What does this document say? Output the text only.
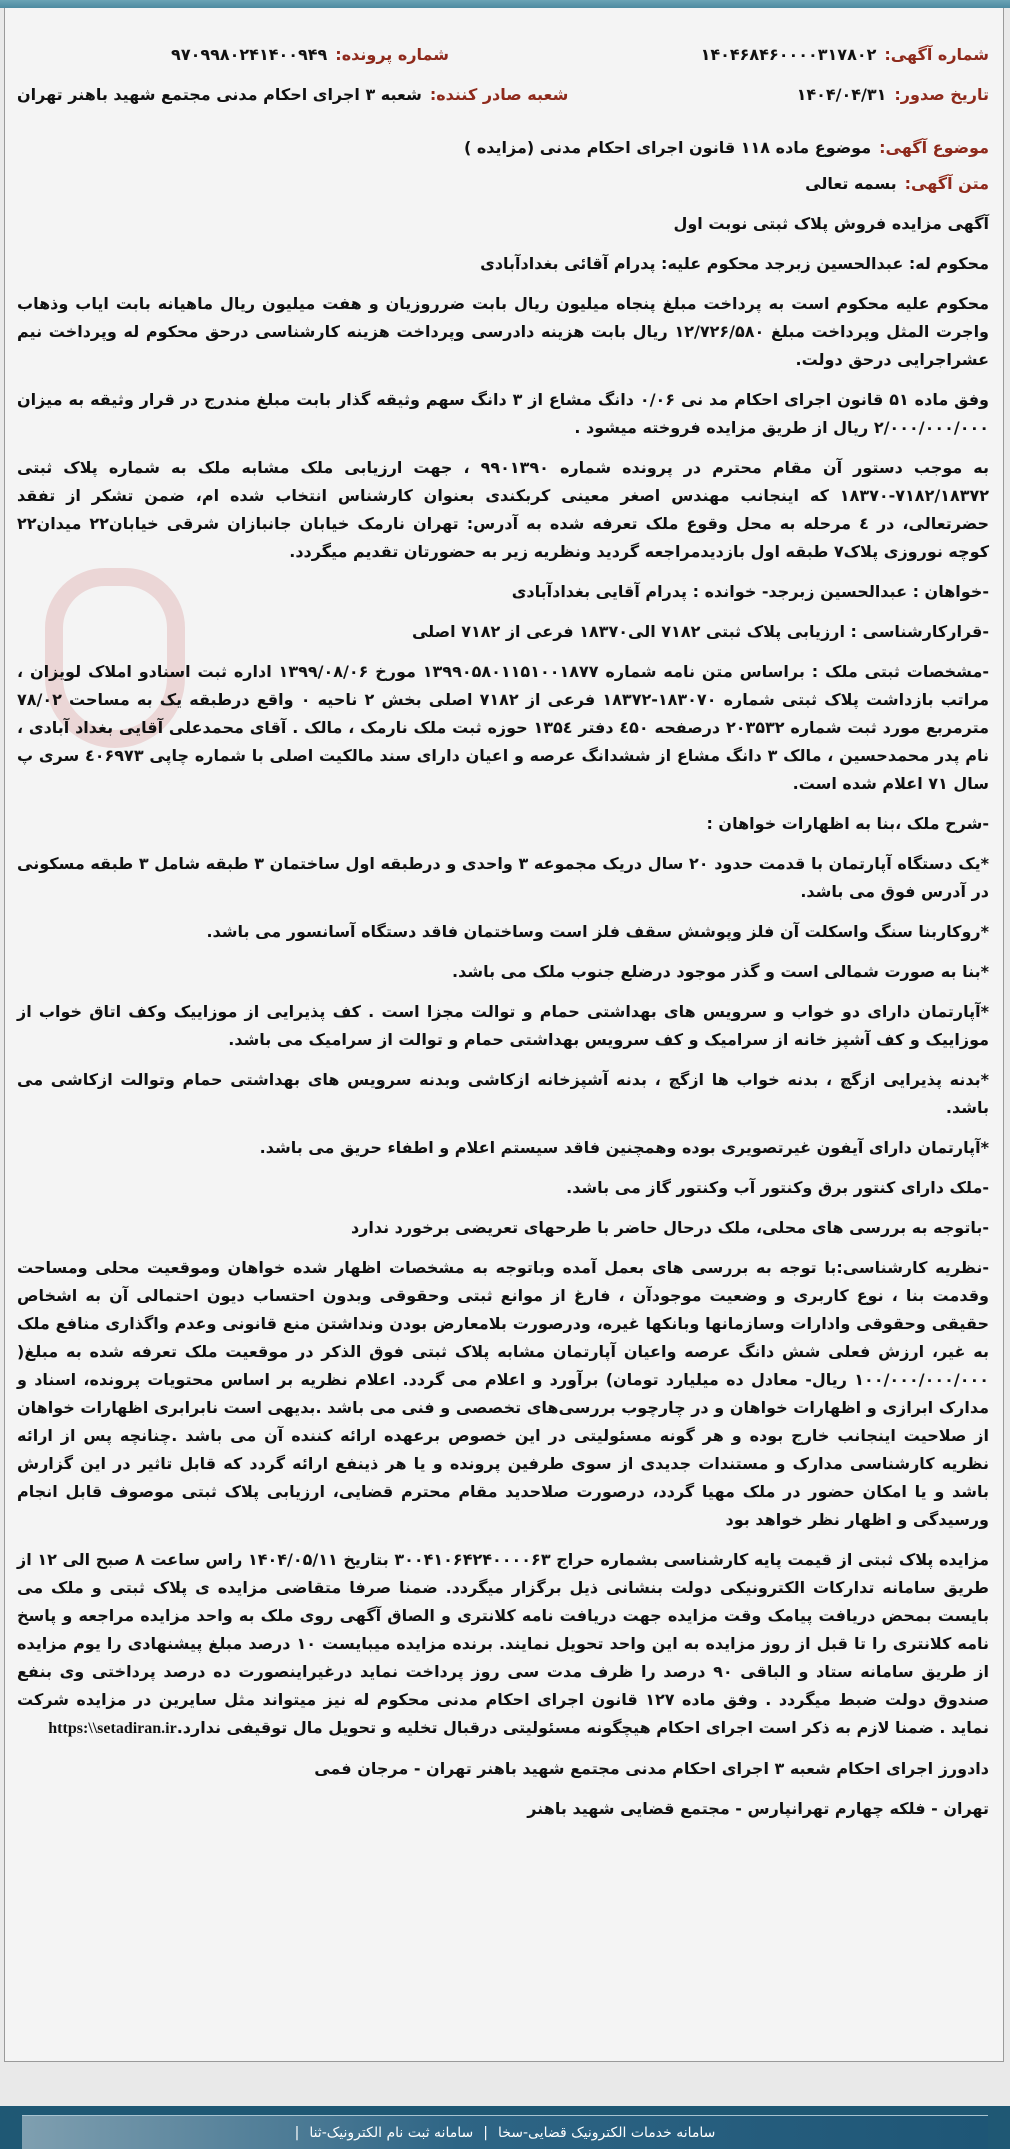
شماره آگهی:۱۴۰۴۶۸۴۶۰۰۰۰۳۱۷۸۰۲
شماره پرونده:۹۷۰۹۹۸۰۲۴۱۴۰۰۹۴۹
تاریخ صدور:۱۴۰۴/۰۴/۳۱
شعبه صادر کننده:شعبه ۳ اجرای احکام مدنی مجتمع شهید باهنر تهران
موضوع آگهی:موضوع ماده ۱۱۸ قانون اجرای احکام مدنی (مزایده )
متن آگهی:بسمه تعالی

آگهی مزایده فروش پلاک ثبتی نوبت اول

محکوم له: عبدالحسین زبرجد محکوم علیه: پدرام آقائی بغدادآبادی

محکوم علیه محکوم است به پرداخت مبلغ پنجاه میلیون ریال بابت ضرروزیان و هفت میلیون ریال ماهیانه بابت ایاب وذهاب واجرت المثل وپرداخت مبلغ ۱۲/۷۲۶/۵۸۰ ریال بابت هزینه دادرسی وپرداخت هزینه کارشناسی درحق محکوم له وپرداخت نیم عشراجرایی درحق دولت.

وفق ماده ۵۱ قانون اجرای احکام مد نی ۰/۰۶ دانگ مشاع از ۳ دانگ سهم وثیقه گذار بابت مبلغ مندرج در قرار وثیقه به میزان ۲/۰۰۰/۰۰۰/۰۰۰ ریال از طریق مزایده فروخته میشود .

به موجب دستور آن مقام محترم در پرونده شماره ۹۹۰۱۳۹۰ ، جهت ارزیابی ملک مشابه ملک به شماره پلاک ثبتی ۷۱۸۲/۱۸۳۷۲-۱۸۳۷۰ که اینجانب مهندس اصغر معینی کربکندی بعنوان کارشناس انتخاب شده ام، ضمن تشکر از تفقد حضرتعالی، در ٤ مرحله به محل وقوع ملک تعرفه شده به آدرس: تهران نارمک خیابان جانبازان شرقی خیابان۲۲ میدان۲۲ کوچه نوروزی پلاک۷ طبقه اول بازدیدمراجعه گردید ونظریه زیر به حضورتان تقدیم میگردد.

-خواهان : عبدالحسین زبرجد- خوانده : پدرام آقایی بغدادآبادی

-قرارکارشناسی : ارزیابی پلاک ثبتی ۷۱۸۲ الی۱۸۳۷۰ فرعی از ۷۱۸۲ اصلی

-مشخصات ثبتی ملک : براساس متن نامه شماره ۱۳۹۹۰۵۸۰۱۱۵۱۰۰۱۸۷۷ مورخ ۱۳۹۹/۰۸/۰۶ اداره ثبت اسنادو املاک لویزان ، مراتب بازداشت پلاک ثبتی شماره ۱۸۳۰۷۰-۱۸۳۷۲ فرعی از ۷۱۸۲ اصلی بخش ۲ ناحیه ۰ واقع درطبقه یک به مساحت ۷۸/۰۲ مترمربع مورد ثبت شماره ۲۰۳۵۳۲ درصفحه ٤۵۰ دفتر ۱۳۵٤ حوزه ثبت ملک نارمک ، مالک . آقای محمدعلی آقایی بغداد آبادی ، نام پدر محمدحسین ، مالک ۳ دانگ مشاع از ششدانگ عرصه و اعیان دارای سند مالکیت اصلی با شماره چاپی ٤۰۶۹۷۳ سری پ سال ۷۱ اعلام شده است.

-شرح ملک ،بنا به اظهارات خواهان :

*یک دستگاه آپارتمان با قدمت حدود ۲۰ سال دریک مجموعه ۳ واحدی و درطبقه اول ساختمان ۳ طبقه شامل ۳ طبقه مسکونی در آدرس فوق می باشد.

*روکاربنا سنگ واسکلت آن فلز وپوشش سقف فلز است وساختمان فاقد دستگاه آسانسور می باشد.

*بنا به صورت شمالی است و گذر موجود درضلع جنوب ملک می باشد.

*آپارتمان دارای دو خواب و سرویس های بهداشتی حمام و توالت مجزا است . کف پذیرایی از موزاییک وکف اتاق خواب از موزاییک و کف آشپز خانه از سرامیک و کف سرویس بهداشتی حمام و توالت از سرامیک می باشد.

*بدنه پذیرایی ازگچ ، بدنه خواب ها ازگچ ، بدنه آشپزخانه ازکاشی وبدنه سرویس های بهداشتی حمام وتوالت ازکاشی می باشد.

*آپارتمان دارای آیفون غیرتصویری بوده وهمچنین فاقد سیستم اعلام و اطفاء حریق می باشد.

-ملک دارای کنتور برق وکنتور آب وکنتور گاز می باشد.

-باتوجه به بررسی های محلی، ملک درحال حاضر با طرحهای تعریضی برخورد ندارد

-نظریه کارشناسی:با توجه به بررسی های بعمل آمده وباتوجه به مشخصات اظهار شده خواهان وموقعیت محلی ومساحت وقدمت بنا ، نوع کاربری و وضعیت موجودآن ، فارغ از موانع ثبتی وحقوقی وبدون احتساب دیون احتمالی آن به اشخاص حقیقی وحقوقی وادارات وسازمانها وبانکها غیره، ودرصورت بلامعارض بودن ونداشتن منع قانونی وعدم واگذاری منافع ملک به غیر، ارزش فعلی شش دانگ عرصه واعیان آپارتمان مشابه پلاک ثبتی فوق الذکر در موقعیت ملک تعرفه شده به مبلغ( ۱۰۰/۰۰۰/۰۰۰/۰۰۰ ریال- معادل ده میلیارد تومان) برآورد و اعلام می گردد. اعلام نظریه بر اساس محتویات پرونده، اسناد و مدارک ابرازی و اظهارات خواهان و در چارچوب بررسی‌های تخصصی و فنی می باشد .بدیهی است نابرابری اظهارات خواهان از صلاحیت اینجانب خارج بوده و هر گونه مسئولیتی در این خصوص برعهده ارائه کننده آن می باشد .چنانچه پس از ارائه نظریه کارشناسی مدارک و مستندات جدیدی از سوی طرفین پرونده و یا هر ذینفع ارائه گردد که قابل تاثیر در این گزارش باشد و یا امکان حضور در ملک مهیا گردد، درصورت صلاحدید مقام محترم قضایی، ارزیابی پلاک ثبتی موصوف قابل انجام ورسیدگی و اظهار نظر خواهد بود

مزایده پلاک ثبتی از قیمت پایه کارشناسی بشماره حراج ۳۰۰۴۱۰۶۴۲۴۰۰۰۰۶۳ بتاریخ ۱۴۰۴/۰۵/۱۱ راس ساعت ۸ صبح الی ۱۲ از طریق سامانه تدارکات الکترونیکی دولت بنشانی ذیل برگزار میگردد. ضمنا صرفا متقاضی مزایده ی پلاک ثبتی و ملک می بایست بمحض دریافت پیامک وقت مزایده جهت دریافت نامه کلانتری و الصاق آگهی روی ملک به واحد مزایده مراجعه و پاسخ نامه کلانتری را تا قبل از روز مزایده به این واحد تحویل نمایند. برنده مزایده میبایست ۱۰ درصد مبلغ پیشنهادی را یوم مزایده از طریق سامانه ستاد و الباقی ۹۰ درصد را ظرف مدت سی روز پرداخت نماید درغیراینصورت ده درصد پرداختی وی بنفع صندوق دولت ضبط میگردد . وفق ماده ۱۲۷ قانون اجرای احکام مدنی محکوم له نیز میتواند مثل سایرین در مزایده شرکت نماید . ضمنا لازم به ذکر است اجرای احکام هیچگونه مسئولیتی درقبال تخلیه و تحویل مال توقیفی ندارد.https:\\setadiran.ir

دادورز اجرای احکام شعبه ۳ اجرای احکام مدنی مجتمع شهید باهنر تهران - مرجان فمی

تهران - فلکه چهارم تهرانپارس - مجتمع قضایی شهید باهنر

سامانه خدمات الکترونیک قضایی-سخا
|
سامانه ثبت نام الکترونیک-ثنا
|
